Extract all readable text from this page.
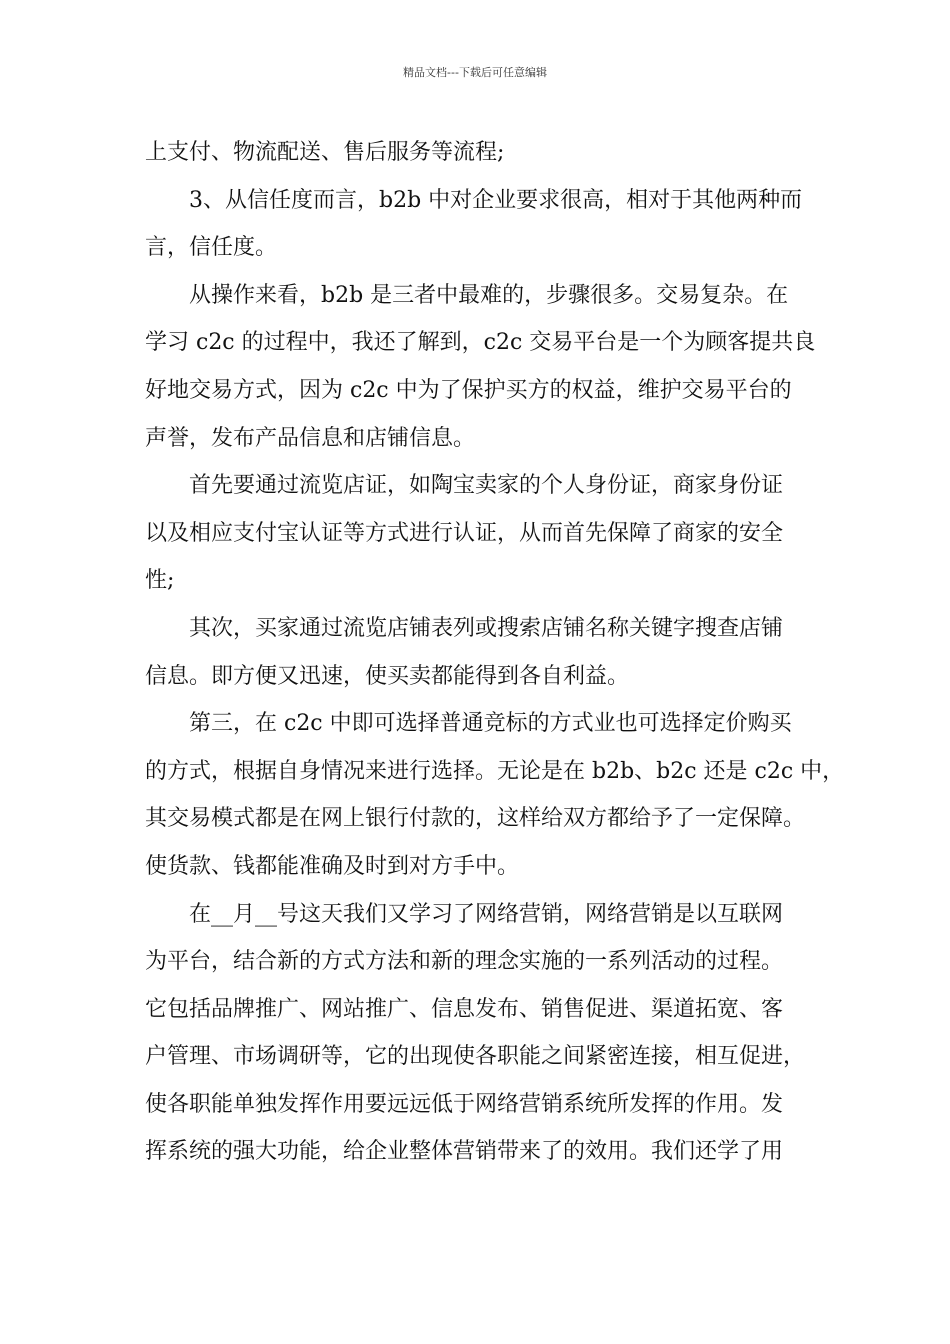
精品文档---下载后可任意编辑
上支付、物流配送、售后服务等流程;
3、从信任度而言，b2b 中对企业要求很高，相对于其他两种而
言，信任度。
从操作来看，b2b 是三者中最难的，步骤很多。交易复杂。在
学习 c2c 的过程中，我还了解到，c2c 交易平台是一个为顾客提共良
好地交易方式，因为 c2c 中为了保护买方的权益，维护交易平台的
声誉，发布产品信息和店铺信息。
首先要通过流览店证，如陶宝卖家的个人身份证，商家身份证
以及相应支付宝认证等方式进行认证，从而首先保障了商家的安全
性;
其次，买家通过流览店铺表列或搜索店铺名称关键字搜查店铺
信息。即方便又迅速，使买卖都能得到各自利益。
第三，在 c2c 中即可选择普通竞标的方式业也可选择定价购买
的方式，根据自身情况来进行选择。无论是在 b2b、b2c 还是 c2c 中，
其交易模式都是在网上银行付款的，这样给双方都给予了一定保障。
使货款、钱都能准确及时到对方手中。
在__月__号这天我们又学习了网络营销，网络营销是以互联网
为平台，结合新的方式方法和新的理念实施的一系列活动的过程。
它包括品牌推广、网站推广、信息发布、销售促进、渠道拓宽、客
户管理、市场调研等，它的出现使各职能之间紧密连接，相互促进，
使各职能单独发挥作用要远远低于网络营销系统所发挥的作用。发
挥系统的强大功能，给企业整体营销带来了的效用。我们还学了用
